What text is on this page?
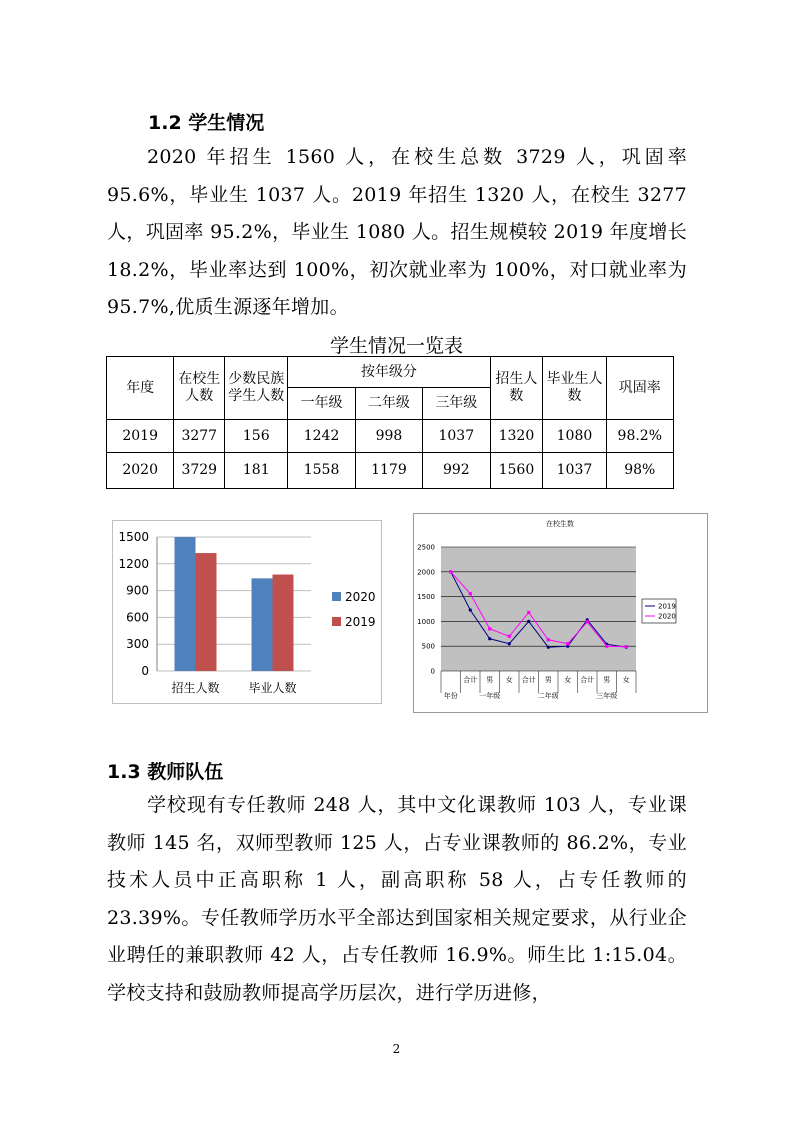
1.2 学生情况
2020 年招生 1560 人，在校生总数 3729 人，巩固率 95.6%，毕业生 1037 人。2019 年招生 1320 人，在校生 3277 人，巩固率 95.2%，毕业生 1080 人。招生规模较 2019 年度增长 18.2%，毕业率达到 100%，初次就业率为 100%，对口就业率为 95.7%,优质生源逐年增加。
学生情况一览表
年度	在校生人数	少数民族学生人数	按年级分			招生人数	毕业生人数	巩固率
			一年级	二年级	三年级			
2019	3277	156	1242	998	1037	1320	1080	98.2%
2020	3729	181	1558	1179	992	1560	1037	98%
0
300
600
900
1200
1500
招生人数 毕业人数
2020
2019
在校生数
0
500
1000
1500
2000
2500
年份
合计 男 女 合计 男 女 合计 男 女
一年级	二年级	三年级
2019
2020
1.3 教师队伍
学校现有专任教师 248 人，其中文化课教师 103 人，专业课教师 145 名，双师型教师 125 人，占专业课教师的 86.2%，专业技术人员中正高职称 1 人，副高职称 58 人，占专任教师的 23.39%。专任教师学历水平全部达到国家相关规定要求，从行业企业聘任的兼职教师 42 人，占专任教师 16.9%。师生比 1:15.04。学校支持和鼓励教师提高学历层次，进行学历进修，
2
